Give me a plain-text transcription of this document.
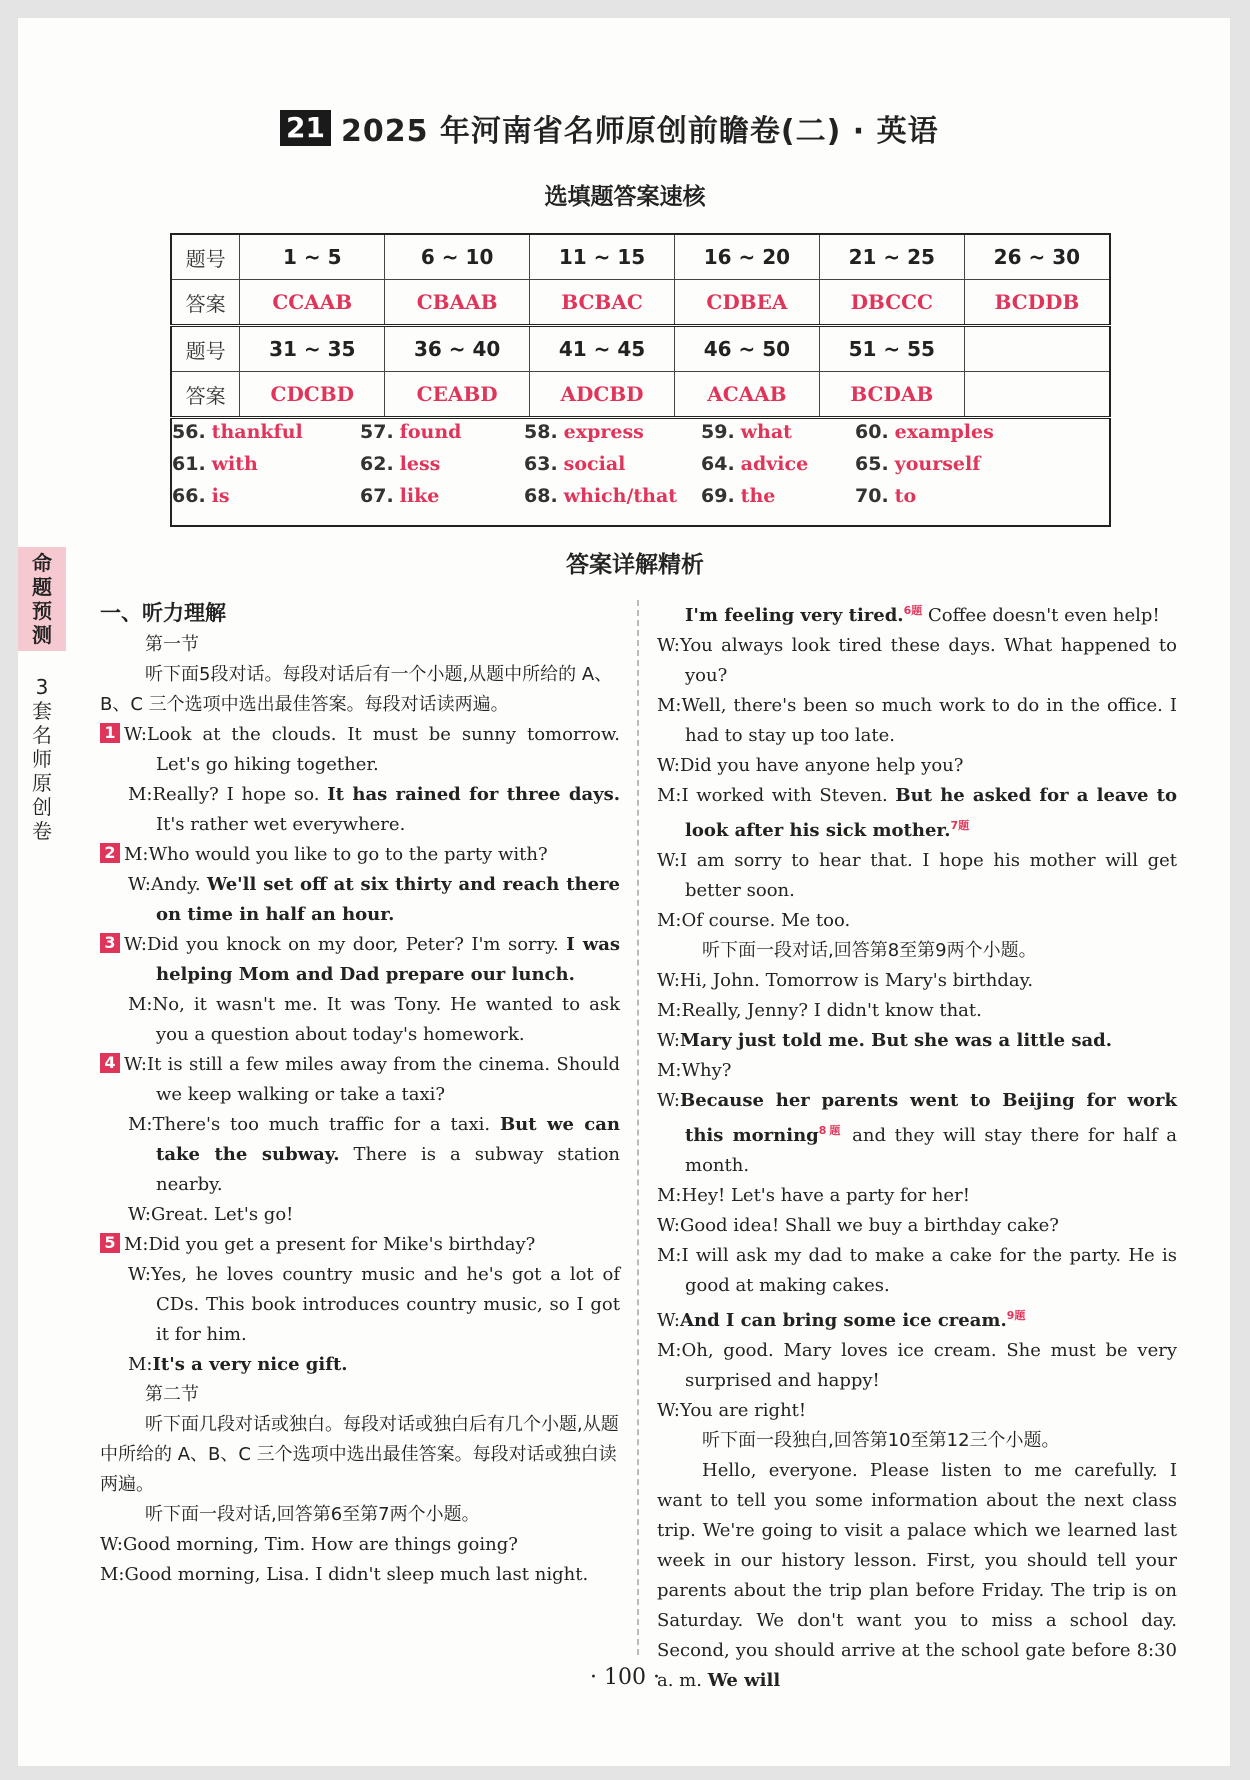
21 2025 年河南省名师原创前瞻卷(二) · 英语
选填题答案速核
题号	1 ~ 5	6 ~ 10	11 ~ 15	16 ~ 20	21 ~ 25	26 ~ 30
答案	CCAAB	CBAAB	BCBAC	CDBEA	DBCCC	BCDDB
题号	31 ~ 35	36 ~ 40	41 ~ 45	46 ~ 50	51 ~ 55	
答案	CDCBD	CEABD	ADCBD	ACAAB	BCDAB	

56. thankful	57. found	58. express	59. what	60. examples
61. with	62. less	63. social	64. advice 65. yourself
66. is	67. like	68. which/that 69. the	70. to
答案详解精析
命题预测
3套名师原创卷
一、听力理解
第一节
听下面5段对话。每段对话后有一个小题,从题中所给的 A、B、C 三个选项中选出最佳答案。每段对话读两遍。
1 W:Look at the clouds. It must be sunny tomorrow. Let's go hiking together.
M:Really? I hope so. It has rained for three days. It's rather wet everywhere.
2 M:Who would you like to go to the party with?
W:Andy. We'll set off at six thirty and reach there on time in half an hour.
3 W:Did you knock on my door, Peter? I'm sorry. I was helping Mom and Dad prepare our lunch.
M:No, it wasn't me. It was Tony. He wanted to ask you a question about today's homework.
4 W:It is still a few miles away from the cinema. Should we keep walking or take a taxi?
M:There's too much traffic for a taxi. But we can take the subway. There is a subway station nearby.
W:Great. Let's go!
5 M:Did you get a present for Mike's birthday?
W:Yes, he loves country music and he's got a lot of CDs. This book introduces country music, so I got it for him.
M:It's a very nice gift.
第二节
听下面几段对话或独白。每段对话或独白后有几个小题,从题中所给的 A、B、C 三个选项中选出最佳答案。每段对话或独白读两遍。
听下面一段对话,回答第6至第7两个小题。
W:Good morning, Tim. How are things going?
M:Good morning, Lisa. I didn't sleep much last night.
I'm feeling very tired.$^{6题}$ Coffee doesn't even help!
W:You always look tired these days. What happened to you?
M:Well, there's been so much work to do in the office. I had to stay up too late.
W:Did you have anyone help you?
M:I worked with Steven. But he asked for a leave to look after his sick mother.$^{7题}$
W:I am sorry to hear that. I hope his mother will get better soon.
M:Of course. Me too.
听下面一段对话,回答第8至第9两个小题。
W:Hi, John. Tomorrow is Mary's birthday.
M:Really, Jenny? I didn't know that.
W:Mary just told me. But she was a little sad.
M:Why?
W:Because her parents went to Beijing for work this morning$^{8题}$ and they will stay there for half a month.
M:Hey! Let's have a party for her!
W:Good idea! Shall we buy a birthday cake?
M:I will ask my dad to make a cake for the party. He is good at making cakes.
W:And I can bring some ice cream.$^{9题}$
M:Oh, good. Mary loves ice cream. She must be very surprised and happy!
W:You are right!
听下面一段独白,回答第10至第12三个小题。
Hello, everyone. Please listen to me carefully. I want to tell you some information about the next class trip. We're going to visit a palace which we learned last week in our history lesson. First, you should tell your parents about the trip plan before Friday. The trip is on Saturday. We don't want you to miss a school day. Second, you should arrive at the school gate before 8:30 a. m. We will
· 100 ·
